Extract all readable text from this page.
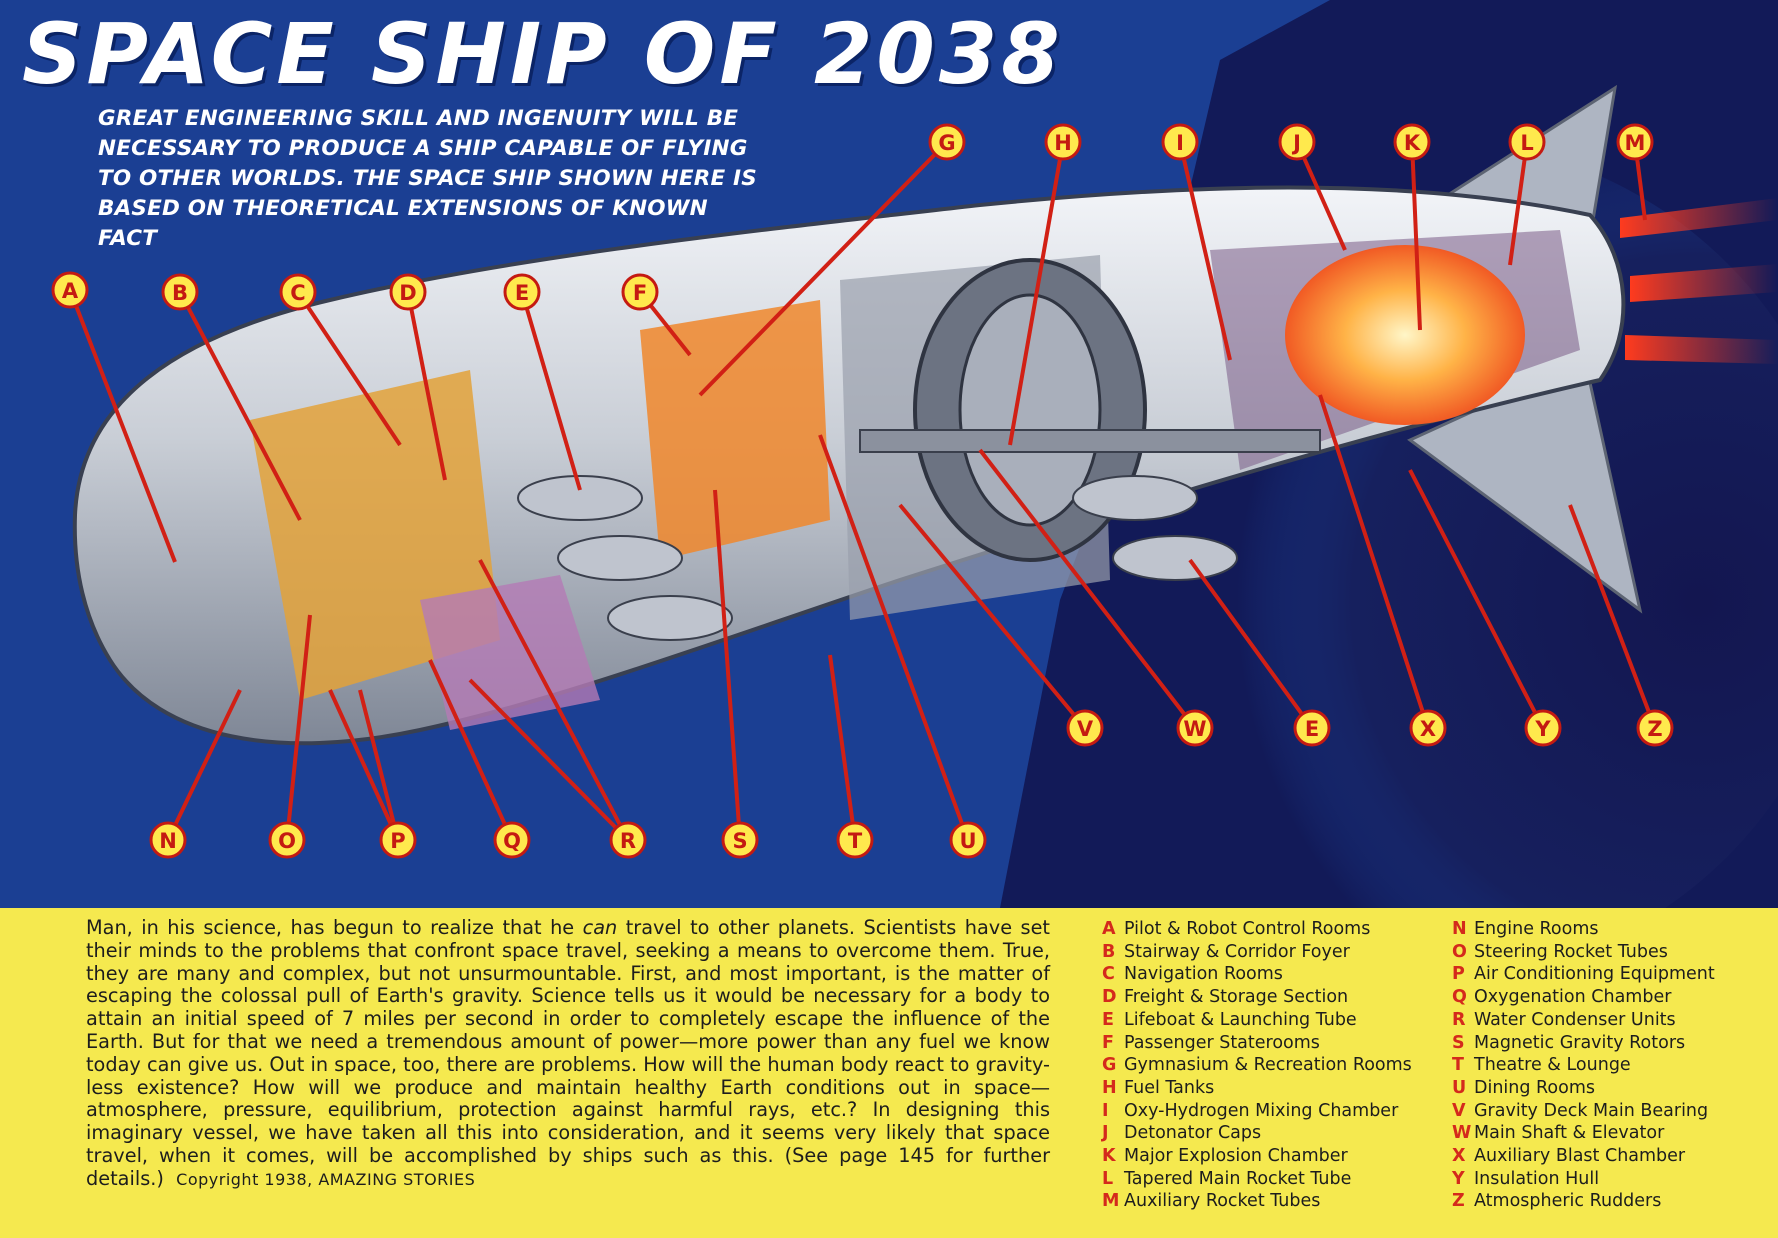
SPACE SHIP OF 2038
GREAT ENGINEERING SKILL AND INGENUITY WILL BE NECESSARY TO PRODUCE A SHIP CAPABLE OF FLYING TO OTHER WORLDS. THE SPACE SHIP SHOWN HERE IS BASED ON THEORETICAL EXTENSIONS OF KNOWN FACT
A	B	C	D	E	F
G	H	I	J	K	L	M
N	O	P	Q	R	S	T	U
V	W	E	X	Y	Z

Man, in his science, has begun to realize that he can travel to other planets. Scientists have set their minds to the problems that confront space travel, seeking a means to overcome them. True, they are many and complex, but not unsurmountable. First, and most important, is the matter of escaping the colossal pull of Earth's gravity. Science tells us it would be necessary for a body to attain an initial speed of 7 miles per second in order to completely escape the influence of the Earth. But for that we need a tremendous amount of power—more power than any fuel we know today can give us. Out in space, too, there are problems. How will the human body react to gravity-less existence? How will we produce and maintain healthy Earth conditions out in space—atmosphere, pressure, equilibrium, protection against harmful rays, etc.? In designing this imaginary vessel, we have taken all this into consideration, and it seems very likely that space travel, when it comes, will be accomplished by ships such as this. (See page 145 for further details.) Copyright 1938, AMAZING STORIES

A Pilot & Robot Control Rooms
B Stairway & Corridor Foyer
C Navigation Rooms
D Freight & Storage Section
E Lifeboat & Launching Tube
F Passenger Staterooms
G Gymnasium & Recreation Rooms
H Fuel Tanks
I Oxy-Hydrogen Mixing Chamber
J Detonator Caps
K Major Explosion Chamber
L Tapered Main Rocket Tube
M Auxiliary Rocket Tubes
N Engine Rooms
O Steering Rocket Tubes
P Air Conditioning Equipment
Q Oxygenation Chamber
R Water Condenser Units
S Magnetic Gravity Rotors
T Theatre & Lounge
U Dining Rooms
V Gravity Deck Main Bearing
W Main Shaft & Elevator
X Auxiliary Blast Chamber
Y Insulation Hull
Z Atmospheric Rudders
